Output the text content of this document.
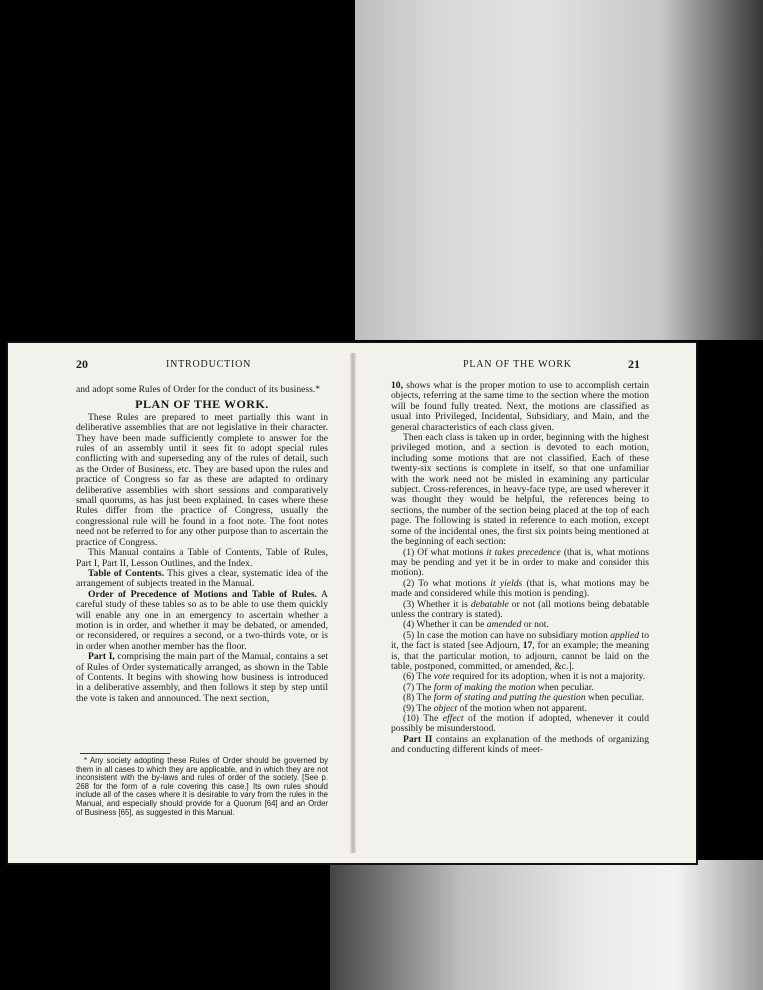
20	INTRODUCTION

and adopt some Rules of Order for the conduct of its business.*

PLAN OF THE WORK.

These Rules are prepared to meet partially this want in deliberative assemblies that are not legislative in their character. They have been made sufficiently complete to answer for the rules of an assembly until it sees fit to adopt special rules conflicting with and superseding any of the rules of detail, such as the Order of Business, etc. They are based upon the rules and practice of Congress so far as these are adapted to ordinary deliberative assemblies with short sessions and comparatively small quorums, as has just been explained. In cases where these Rules differ from the practice of Congress, usually the congressional rule will be found in a foot note. The foot notes need not be referred to for any other purpose than to ascertain the practice of Congress.

This Manual contains a Table of Contents, Table of Rules, Part I, Part II, Lesson Outlines, and the Index.

Table of Contents. This gives a clear, systematic idea of the arrangement of subjects treated in the Manual.

Order of Precedence of Motions and Table of Rules. A careful study of these tables so as to be able to use them quickly will enable any one in an emergency to ascertain whether a motion is in order, and whether it may be debated, or amended, or reconsidered, or requires a second, or a two-thirds vote, or is in order when another member has the floor.

Part I, comprising the main part of the Manual, contains a set of Rules of Order systematically arranged, as shown in the Table of Contents. It begins with showing how business is introduced in a deliberative assembly, and then follows it step by step until the vote is taken and announced. The next section,

* Any society adopting these Rules of Order should be governed by them in all cases to which they are applicable, and in which they are not inconsistent with the by-laws and rules of order of the society. [See p. 268 for the form of a rule covering this case.] Its own rules should include all of the cases where it is desirable to vary from the rules in the Manual, and especially should provide for a Quorum [64] and an Order of Business [65], as suggested in this Manual.

PLAN OF THE WORK	21

10, shows what is the proper motion to use to accomplish certain objects, referring at the same time to the section where the motion will be found fully treated. Next, the motions are classified as usual into Privileged, Incidental, Subsidiary, and Main, and the general characteristics of each class given.

Then each class is taken up in order, beginning with the highest privileged motion, and a section is devoted to each motion, including some motions that are not classified. Each of these twenty-six sections is complete in itself, so that one unfamiliar with the work need not be misled in examining any particular subject. Cross-references, in heavy-face type, are used wherever it was thought they would be helpful, the references being to sections, the number of the section being placed at the top of each page. The following is stated in reference to each motion, except some of the incidental ones, the first six points being mentioned at the beginning of each section:

(1) Of what motions it takes precedence (that is, what motions may be pending and yet it be in order to make and consider this motion).

(2) To what motions it yields (that is, what motions may be made and considered while this motion is pending).

(3) Whether it is debatable or not (all motions being debatable unless the contrary is stated).

(4) Whether it can be amended or not.

(5) In case the motion can have no subsidiary motion applied to it, the fact is stated [see Adjourn, 17, for an example; the meaning is, that the particular motion, to adjourn, cannot be laid on the table, postponed, committed, or amended, &c.].

(6) The vote required for its adoption, when it is not a majority.

(7) The form of making the motion when peculiar.

(8) The form of stating and putting the question when peculiar.

(9) The object of the motion when not apparent.

(10) The effect of the motion if adopted, whenever it could possibly be misunderstood.

Part II contains an explanation of the methods of organizing and conducting different kinds of meet-
